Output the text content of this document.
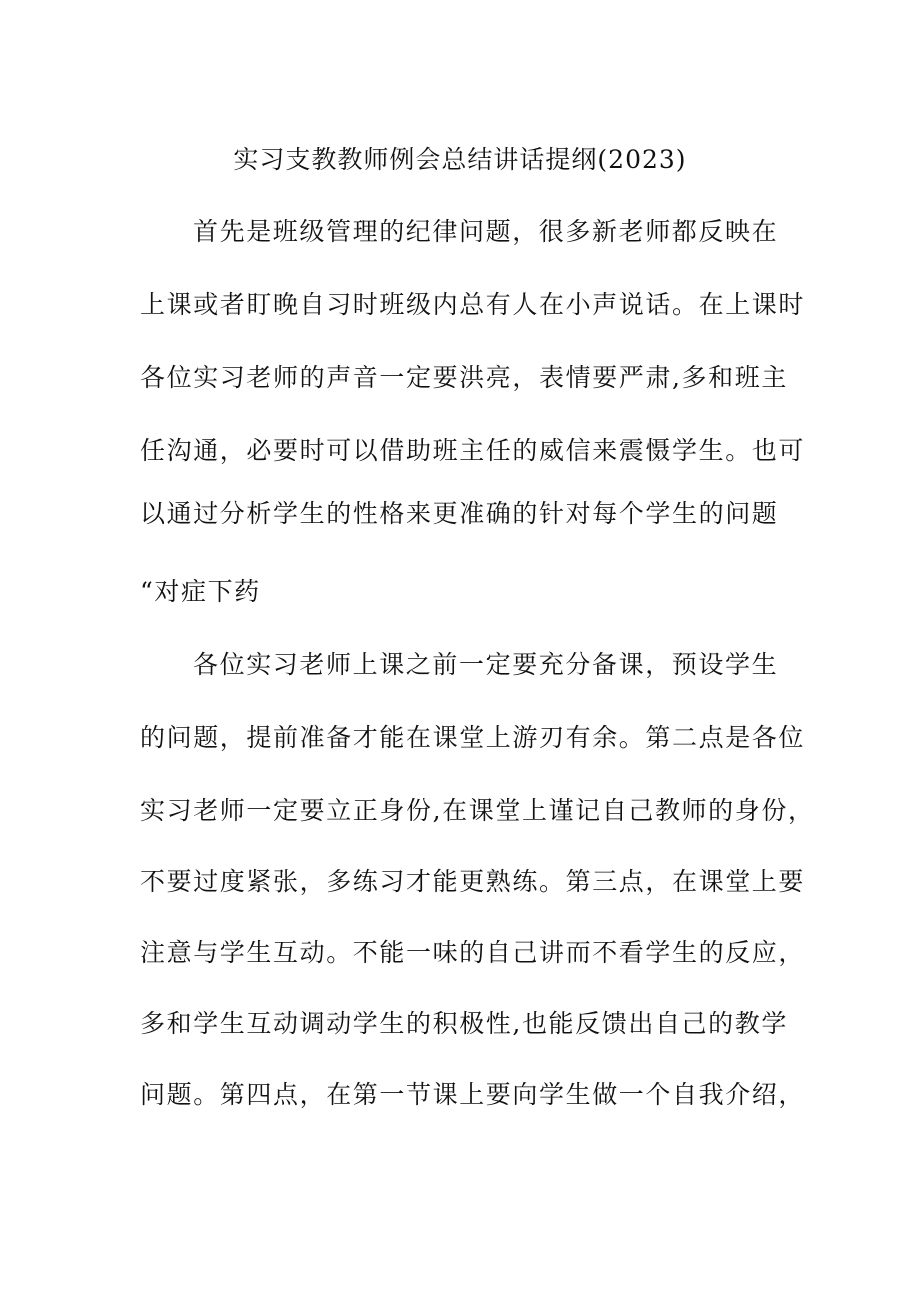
实习支教教师例会总结讲话提纲(2023)
首先是班级管理的纪律问题，很多新老师都反映在
上课或者盯晚自习时班级内总有人在小声说话。在上课时
各位实习老师的声音一定要洪亮，表情要严肃,多和班主
任沟通，必要时可以借助班主任的威信来震慑学生。也可
以通过分析学生的性格来更准确的针对每个学生的问题
“对症下药
各位实习老师上课之前一定要充分备课，预设学生
的问题，提前准备才能在课堂上游刃有余。第二点是各位
实习老师一定要立正身份,在课堂上谨记自己教师的身份，
不要过度紧张，多练习才能更熟练。第三点，在课堂上要
注意与学生互动。不能一味的自己讲而不看学生的反应，
多和学生互动调动学生的积极性,也能反馈出自己的教学
问题。第四点，在第一节课上要向学生做一个自我介绍，
